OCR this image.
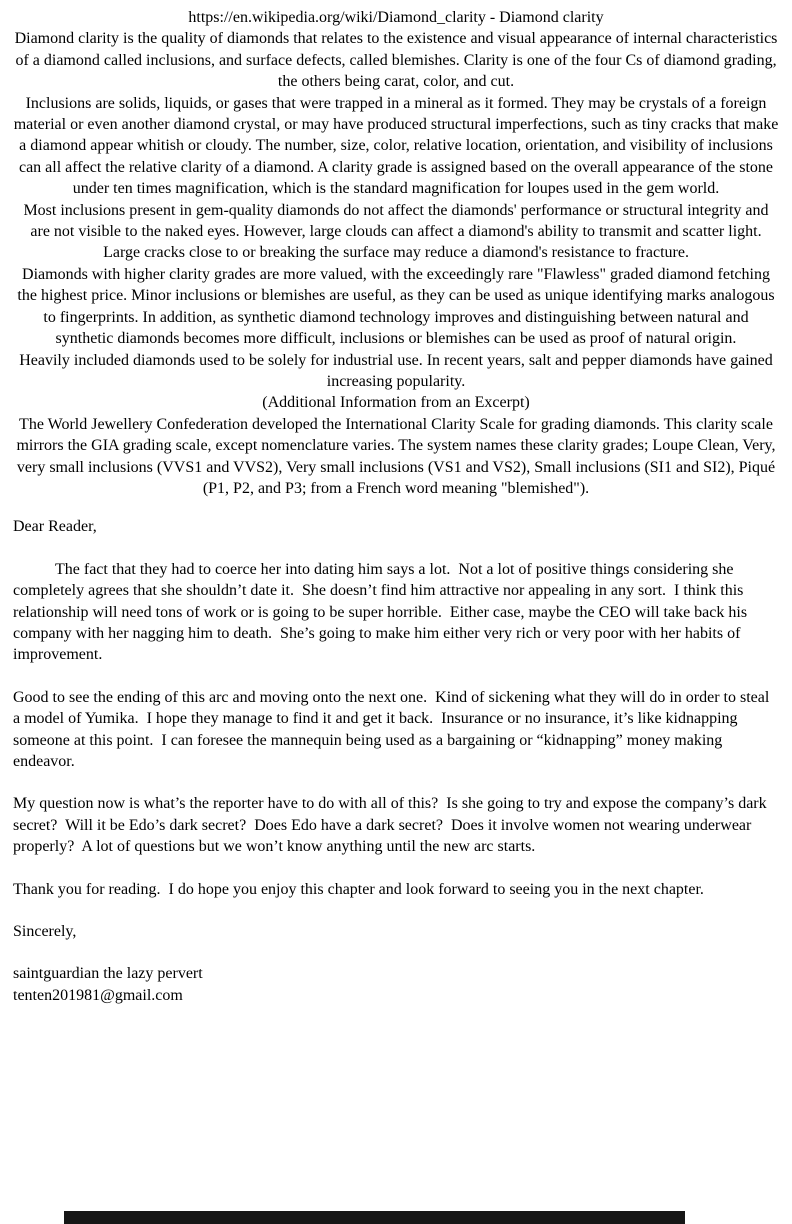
https://en.wikipedia.org/wiki/Diamond_clarity - Diamond clarity

Diamond clarity is the quality of diamonds that relates to the existence and visual appearance of internal characteristics of a diamond called inclusions, and surface defects, called blemishes. Clarity is one of the four Cs of diamond grading, the others being carat, color, and cut.

Inclusions are solids, liquids, or gases that were trapped in a mineral as it formed. They may be crystals of a foreign material or even another diamond crystal, or may have produced structural imperfections, such as tiny cracks that make a diamond appear whitish or cloudy. The number, size, color, relative location, orientation, and visibility of inclusions can all affect the relative clarity of a diamond. A clarity grade is assigned based on the overall appearance of the stone under ten times magnification, which is the standard magnification for loupes used in the gem world.

Most inclusions present in gem-quality diamonds do not affect the diamonds' performance or structural integrity and are not visible to the naked eyes. However, large clouds can affect a diamond's ability to transmit and scatter light. Large cracks close to or breaking the surface may reduce a diamond's resistance to fracture.

Diamonds with higher clarity grades are more valued, with the exceedingly rare "Flawless" graded diamond fetching the highest price. Minor inclusions or blemishes are useful, as they can be used as unique identifying marks analogous to fingerprints. In addition, as synthetic diamond technology improves and distinguishing between natural and synthetic diamonds becomes more difficult, inclusions or blemishes can be used as proof of natural origin.

Heavily included diamonds used to be solely for industrial use. In recent years, salt and pepper diamonds have gained increasing popularity.

(Additional Information from an Excerpt)

The World Jewellery Confederation developed the International Clarity Scale for grading diamonds. This clarity scale mirrors the GIA grading scale, except nomenclature varies. The system names these clarity grades; Loupe Clean, Very, very small inclusions (VVS1 and VVS2), Very small inclusions (VS1 and VS2), Small inclusions (SI1 and SI2), Piqué (P1, P2, and P3; from a French word meaning "blemished").

Dear Reader,

The fact that they had to coerce her into dating him says a lot.  Not a lot of positive things considering she completely agrees that she shouldn’t date it.  She doesn’t find him attractive nor appealing in any sort.  I think this relationship will need tons of work or is going to be super horrible.  Either case, maybe the CEO will take back his company with her nagging him to death.  She’s going to make him either very rich or very poor with her habits of improvement.

Good to see the ending of this arc and moving onto the next one.  Kind of sickening what they will do in order to steal a model of Yumika.  I hope they manage to find it and get it back.  Insurance or no insurance, it’s like kidnapping someone at this point.  I can foresee the mannequin being used as a bargaining or “kidnapping” money making endeavor.

My question now is what’s the reporter have to do with all of this?  Is she going to try and expose the company’s dark secret?  Will it be Edo’s dark secret?  Does Edo have a dark secret?  Does it involve women not wearing underwear properly?  A lot of questions but we won’t know anything until the new arc starts.

Thank you for reading.  I do hope you enjoy this chapter and look forward to seeing you in the next chapter.

Sincerely,

saintguardian the lazy pervert

tenten201981@gmail.com
